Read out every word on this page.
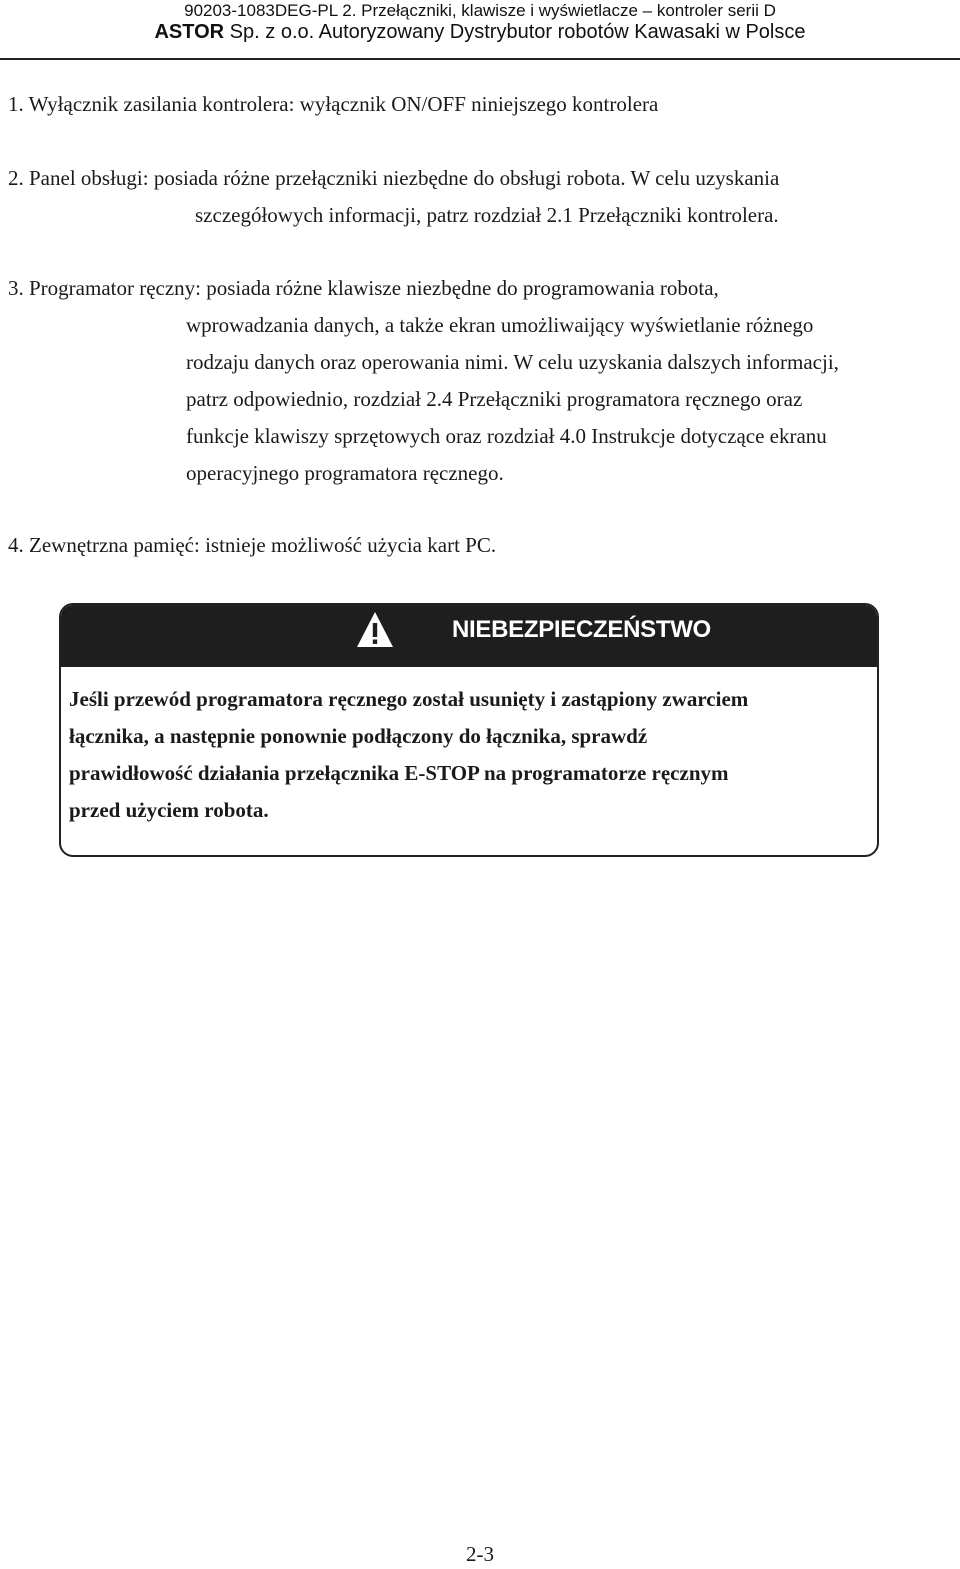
90203-1083DEG-PL 2. Przełączniki, klawisze i wyświetlacze – kontroler serii D
ASTOR Sp. z o.o. Autoryzowany Dystrybutor robotów Kawasaki w Polsce
1. Wyłącznik zasilania kontrolera: wyłącznik ON/OFF niniejszego kontrolera
2. Panel obsługi: posiada różne przełączniki niezbędne do obsługi robota. W celu uzyskania
szczegółowych informacji, patrz rozdział 2.1 Przełączniki kontrolera.
3. Programator ręczny: posiada różne klawisze niezbędne do programowania robota,
wprowadzania danych, a także ekran umożliwaijący wyświetlanie różnego
rodzaju danych oraz operowania nimi. W celu uzyskania dalszych informacji,
patrz odpowiednio, rozdział 2.4 Przełączniki programatora ręcznego oraz
funkcje klawiszy sprzętowych oraz rozdział 4.0 Instrukcje dotyczące ekranu
operacyjnego programatora ręcznego.
4. Zewnętrzna pamięć: istnieje możliwość użycia kart PC.
NIEBEZPIECZEŃSTWO
Jeśli przewód programatora ręcznego został usunięty i zastąpiony zwarciem
łącznika, a następnie ponownie podłączony do łącznika, sprawdź
prawidłowość działania przełącznika E-STOP na programatorze ręcznym
przed użyciem robota.
2-3
